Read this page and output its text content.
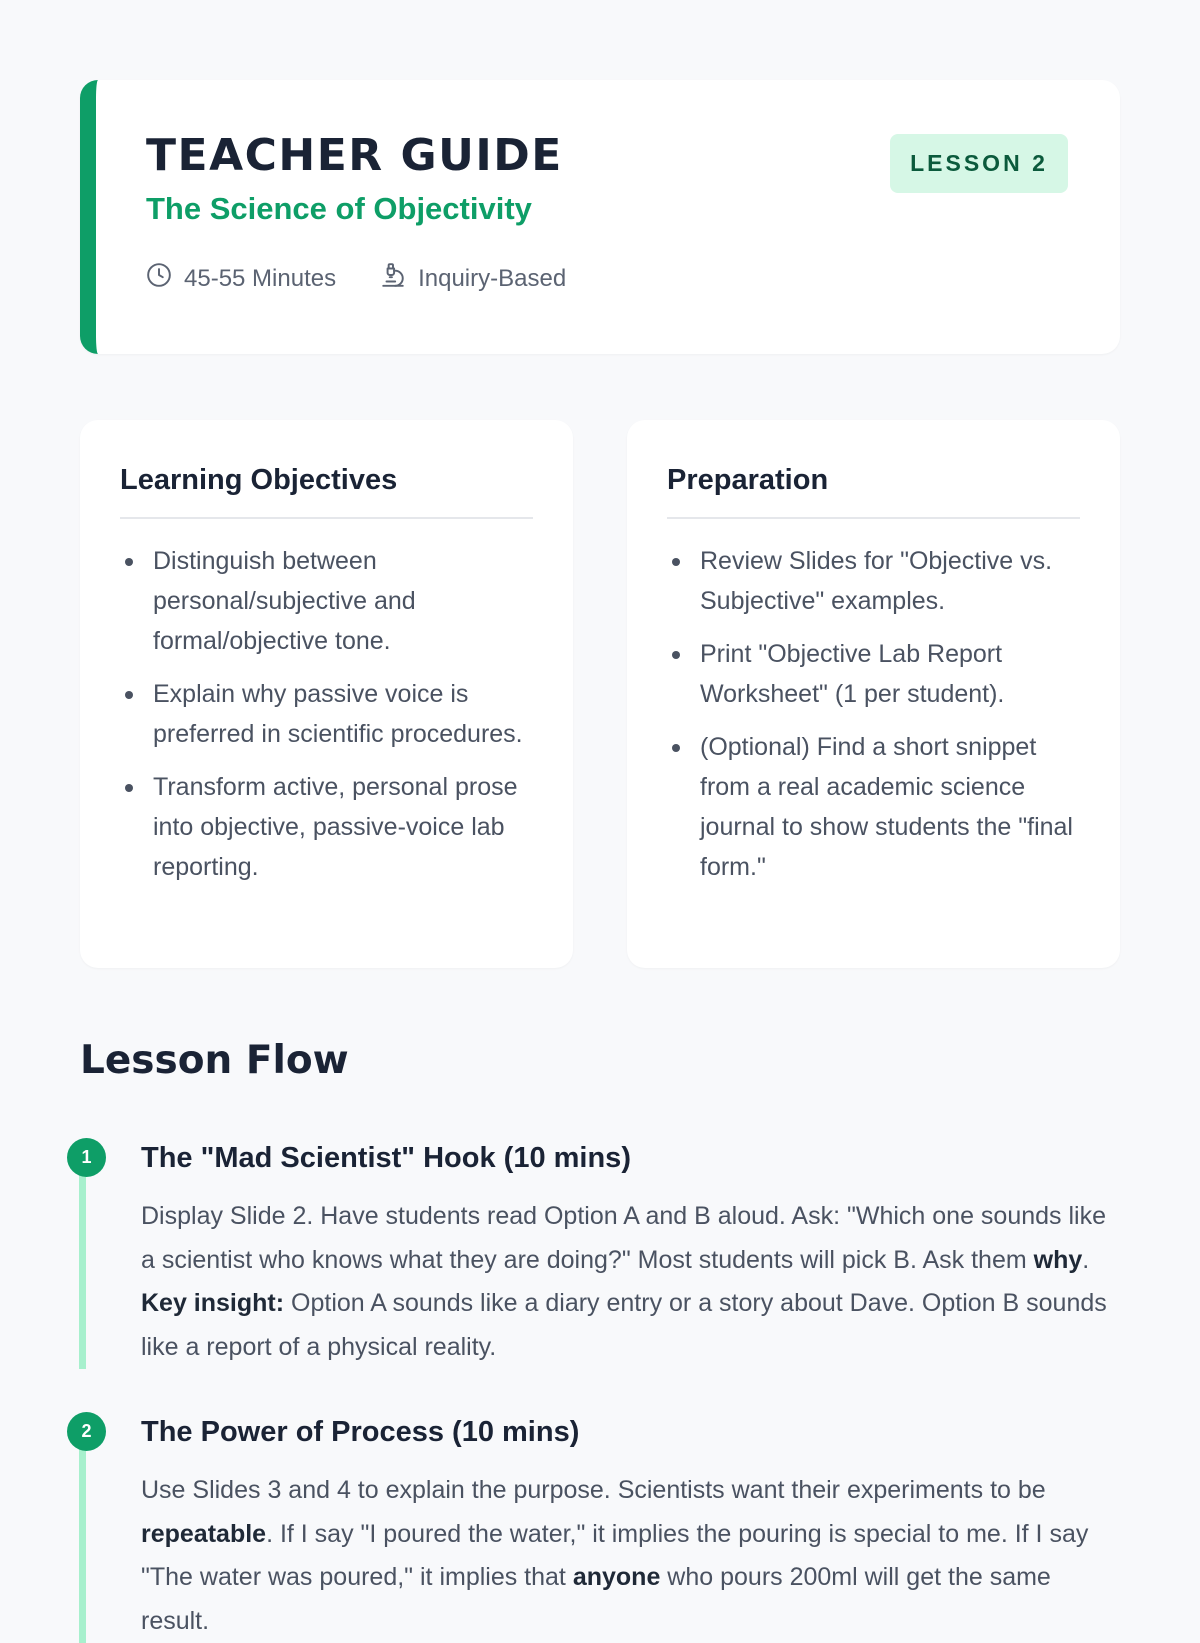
TEACHER GUIDE
The Science of Objectivity
45-55 Minutes	Inquiry-Based
LESSON 2
Learning Objectives
Distinguish between personal/subjective and formal/objective tone.
Explain why passive voice is preferred in scientific procedures.
Transform active, personal prose into objective, passive-voice lab reporting.
Preparation
Review Slides for "Objective vs. Subjective" examples.
Print "Objective Lab Report Worksheet" (1 per student).
(Optional) Find a short snippet from a real academic science journal to show students the "final form."
Lesson Flow
1	The "Mad Scientist" Hook (10 mins)

Display Slide 2. Have students read Option A and B aloud. Ask: "Which one sounds like a scientist who knows what they are doing?" Most students will pick B. Ask them why. Key insight: Option A sounds like a diary entry or a story about Dave. Option B sounds like a report of a physical reality.

2	The Power of Process (10 mins)

Use Slides 3 and 4 to explain the purpose. Scientists want their experiments to be repeatable. If I say "I poured the water," it implies the pouring is special to me. If I say "The water was poured," it implies that anyone who pours 200ml will get the same result.
